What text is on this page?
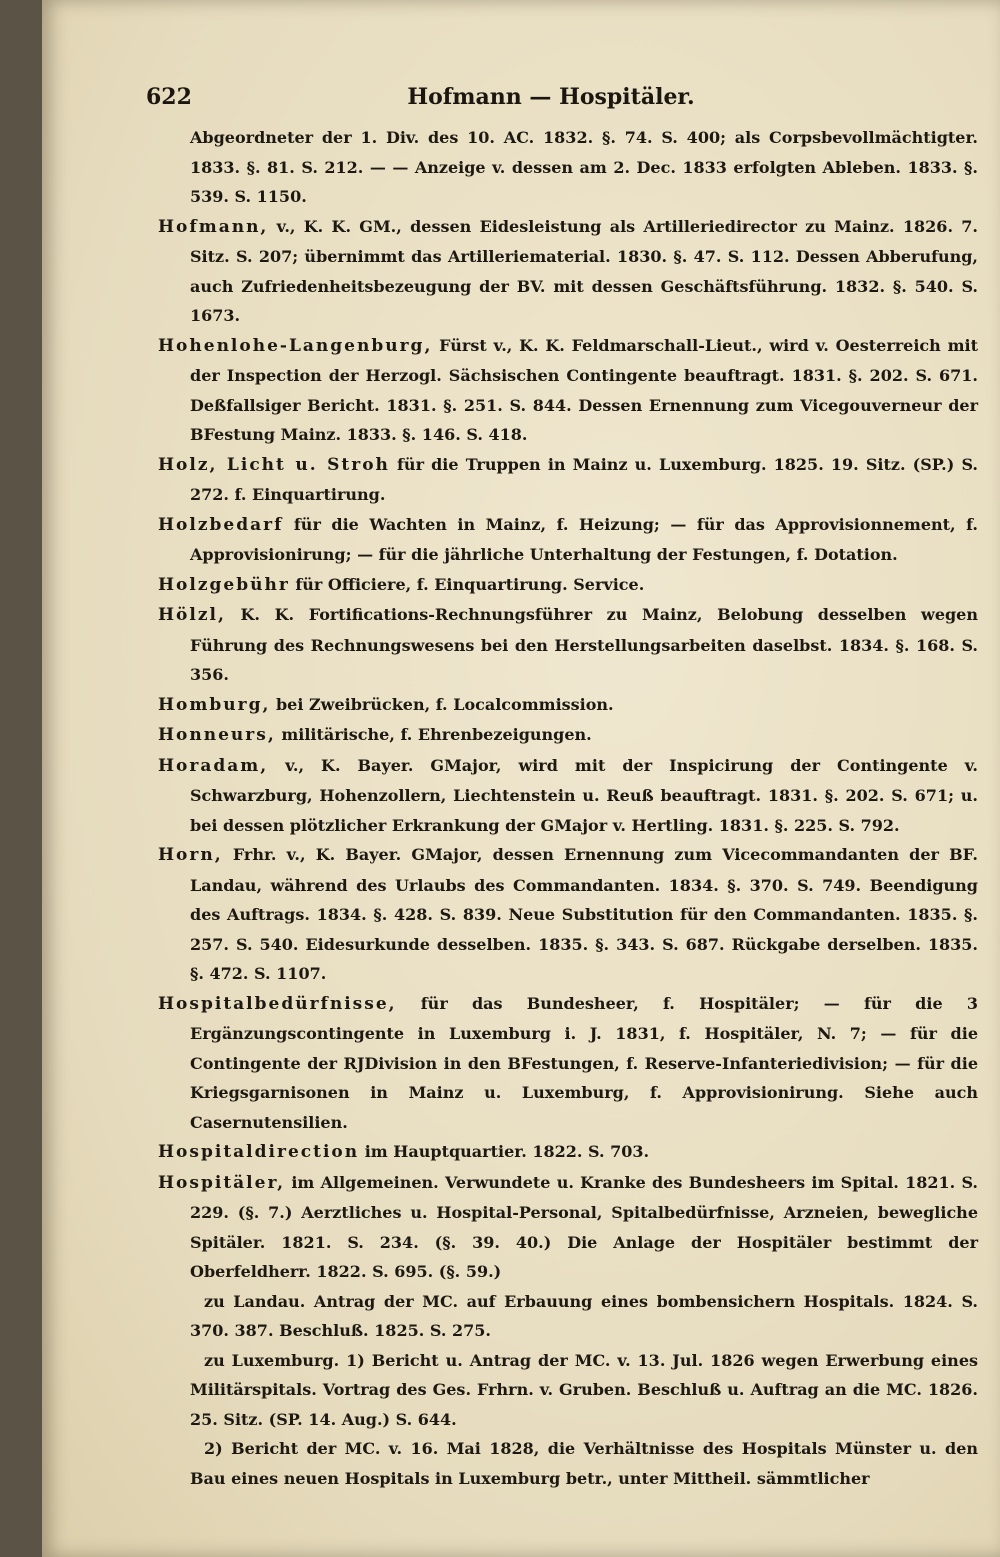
622	Hofmann — Hospitäler.

Abgeordneter der 1. Div. des 10. AC. 1832. §. 74. S. 400; als Corpsbevollmächtigter. 1833. §. 81. S. 212. — — Anzeige v. dessen am 2. Dec. 1833 erfolgten Ableben. 1833. §. 539. S. 1150.

Hofmann, v., K. K. GM., dessen Eidesleistung als Artilleriedirector zu Mainz. 1826. 7. Sitz. S. 207; übernimmt das Artilleriematerial. 1830. §. 47. S. 112. Dessen Abberufung, auch Zufriedenheitsbezeugung der BV. mit dessen Geschäftsführung. 1832. §. 540. S. 1673.

Hohenlohe-Langenburg, Fürst v., K. K. Feldmarschall-Lieut., wird v. Oesterreich mit der Inspection der Herzogl. Sächsischen Contingente beauftragt. 1831. §. 202. S. 671. Deßfallsiger Bericht. 1831. §. 251. S. 844. Dessen Ernennung zum Vicegouverneur der BFestung Mainz. 1833. §. 146. S. 418.

Holz, Licht u. Stroh für die Truppen in Mainz u. Luxemburg. 1825. 19. Sitz. (SP.) S. 272. f. Einquartirung.

Holzbedarf für die Wachten in Mainz, f. Heizung; — für das Approvisionnement, f. Approvisionirung; — für die jährliche Unterhaltung der Festungen, f. Dotation.

Holzgebühr für Officiere, f. Einquartirung. Service.

Hölzl, K. K. Fortifications-Rechnungsführer zu Mainz, Belobung desselben wegen Führung des Rechnungswesens bei den Herstellungsarbeiten daselbst. 1834. §. 168. S. 356.

Homburg, bei Zweibrücken, f. Localcommission.

Honneurs, militärische, f. Ehrenbezeigungen.

Horadam, v., K. Bayer. GMajor, wird mit der Inspicirung der Contingente v. Schwarzburg, Hohenzollern, Liechtenstein u. Reuß beauftragt. 1831. §. 202. S. 671; u. bei dessen plötzlicher Erkrankung der GMajor v. Hertling. 1831. §. 225. S. 792.

Horn, Frhr. v., K. Bayer. GMajor, dessen Ernennung zum Vicecommandanten der BF. Landau, während des Urlaubs des Commandanten. 1834. §. 370. S. 749. Beendigung des Auftrags. 1834. §. 428. S. 839. Neue Substitution für den Commandanten. 1835. §. 257. S. 540. Eidesurkunde desselben. 1835. §. 343. S. 687. Rückgabe derselben. 1835. §. 472. S. 1107.

Hospitalbedürfnisse, für das Bundesheer, f. Hospitäler; — für die 3 Ergänzungscontingente in Luxemburg i. J. 1831, f. Hospitäler, N. 7; — für die Contingente der RJDivision in den BFestungen, f. Reserve-Infanteriedivision; — für die Kriegsgarnisonen in Mainz u. Luxemburg, f. Approvisionirung. Siehe auch Casernutensilien.

Hospitaldirection im Hauptquartier. 1822. S. 703.

Hospitäler, im Allgemeinen. Verwundete u. Kranke des Bundesheers im Spital. 1821. S. 229. (§. 7.) Aerztliches u. Hospital-Personal, Spitalbedürfnisse, Arzneien, bewegliche Spitäler. 1821. S. 234. (§. 39. 40.) Die Anlage der Hospitäler bestimmt der Oberfeldherr. 1822. S. 695. (§. 59.)

zu Landau. Antrag der MC. auf Erbauung eines bombensichern Hospitals. 1824. S. 370. 387. Beschluß. 1825. S. 275.

zu Luxemburg. 1) Bericht u. Antrag der MC. v. 13. Jul. 1826 wegen Erwerbung eines Militärspitals. Vortrag des Ges. Frhrn. v. Gruben. Beschluß u. Auftrag an die MC. 1826. 25. Sitz. (SP. 14. Aug.) S. 644.

2) Bericht der MC. v. 16. Mai 1828, die Verhältnisse des Hospitals Münster u. den Bau eines neuen Hospitals in Luxemburg betr., unter Mittheil. sämmtlicher
